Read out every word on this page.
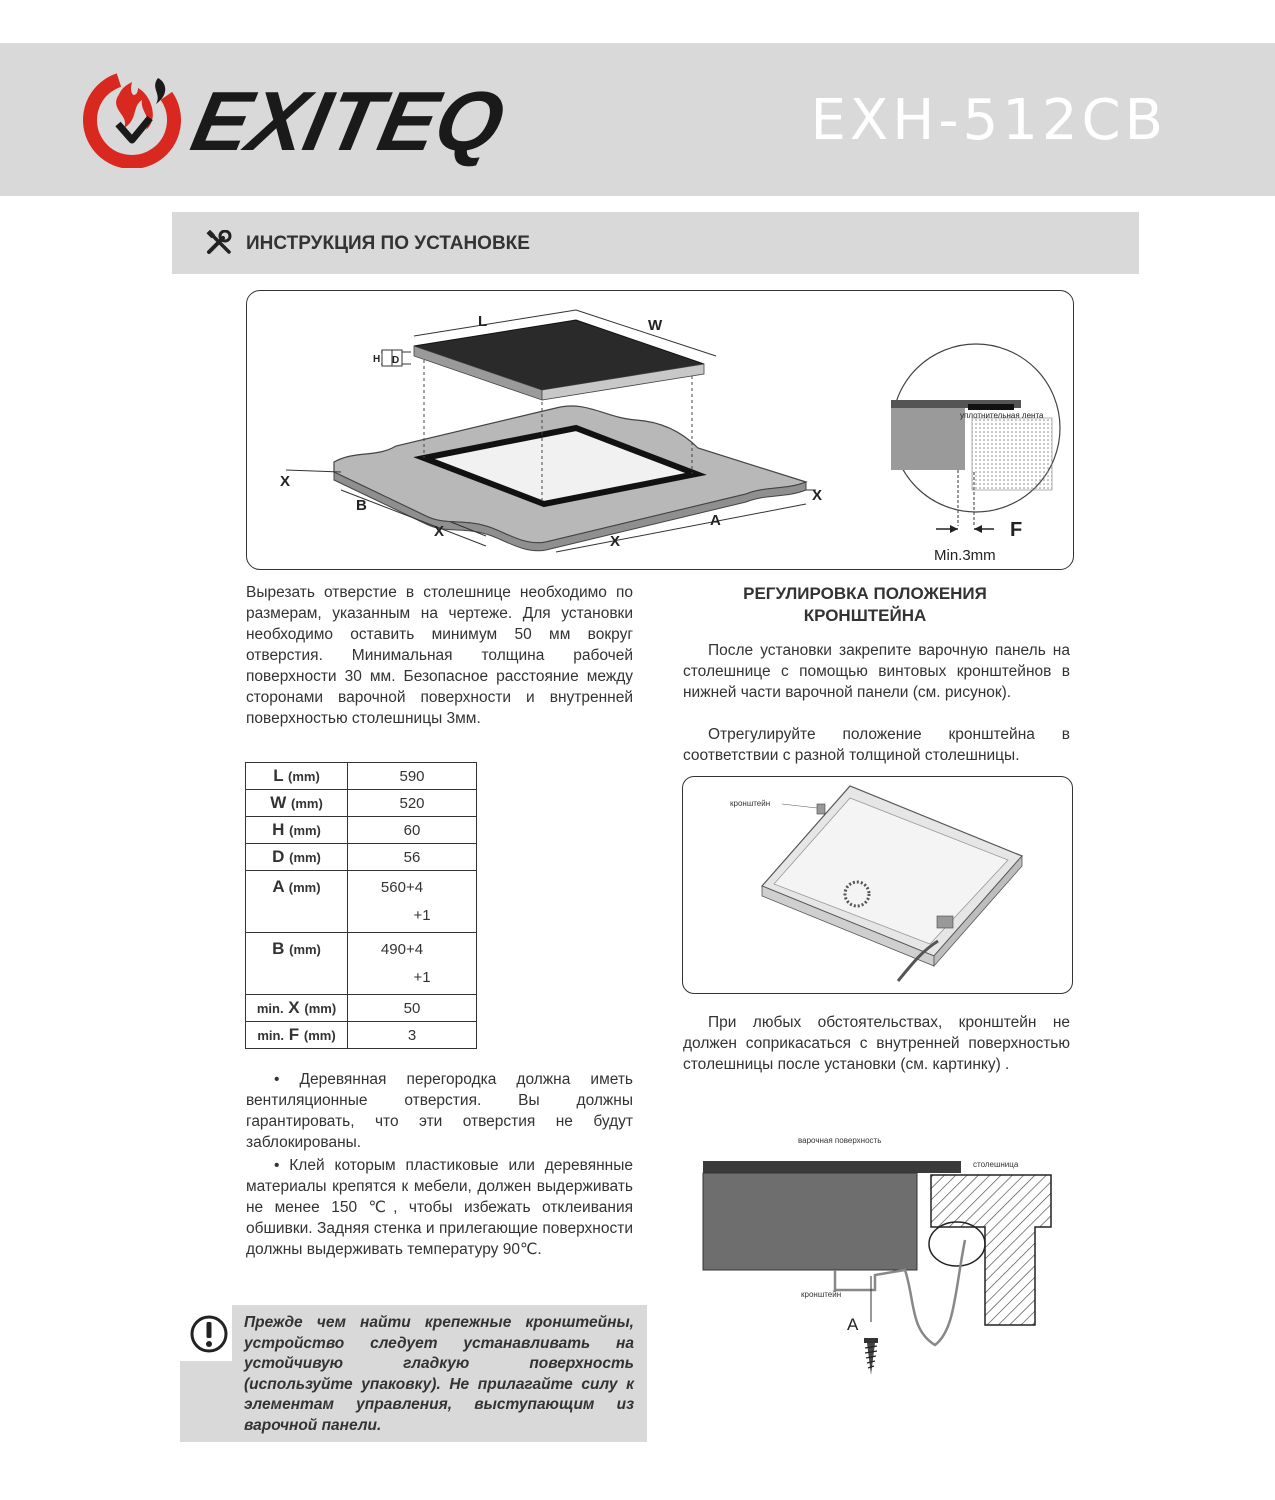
EXITEQ	EXH-512CB
ИНСТРУКЦИЯ ПО УСТАНОВКЕ
L	W
H D
X
B
X
X
A
X
уплотнительная лента
F
Min.3mm
Вырезать отверстие в столешнице необходимо по размерам, указанным на чертеже. Для установки необходимо оставить минимум 50 мм вокруг отверстия. Минимальная толщина рабочей поверхности 30 мм. Безопасное расстояние между сторонами варочной поверхности и внутренней поверхностью столешницы 3мм.
L (mm)	590
W (mm)	520
H (mm)	60
D (mm)	56
A (mm)	560+4
+1

B (mm)	490+4
+1

min. X (mm)	50
min. F (mm)	3
• Деревянная перегородка должна иметь вентиляционные отверстия. Вы должны гарантировать, что эти отверстия не будут заблокированы.
• Клей которым пластиковые или деревянные материалы крепятся к мебели, должен выдерживать не менее 150 ℃, чтобы избежать отклеивания обшивки. Задняя стенка и прилегающие поверхности должны выдерживать температуру 90℃.
Прежде чем найти крепежные кронштейны, устройство следует устанавливать на устойчивую гладкую поверхность (используйте упаковку). Не прилагайте силу к элементам управления, выступающим из варочной панели.
РЕГУЛИРОВКА ПОЛОЖЕНИЯ КРОНШТЕЙНА
После установки закрепите варочную панель на столешнице с помощью винтовых кронштейнов в нижней части варочной панели (см. рисунок).
Отрегулируйте положение кронштейна в соответствии с разной толщиной столешницы.
кронштейн
При любых обстоятельствах, кронштейн не должен соприкасаться с внутренней поверхностью столешницы после установки (см. картинку) .
варочная поверхность
столешница
кронштейн
A
